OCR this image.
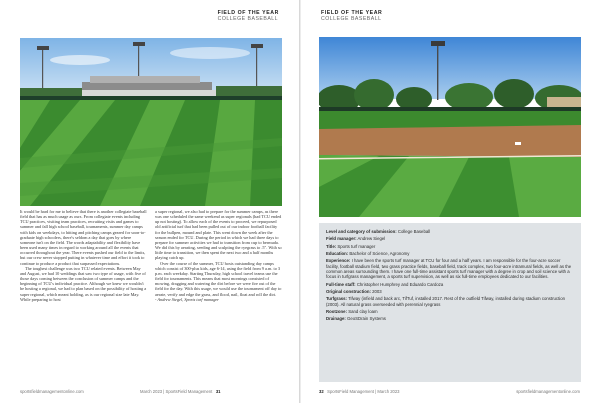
FIELD OF THE YEAR
COLLEGE BASEBALL

It would be hard for me to believe that there is another collegiate baseball field that has as much usage as ours. From collegiate events including TCU practices, visiting team practices, recruiting visits and games to summer and fall high school baseball, tournaments, summer day camps with kids on weekdays, to hitting and pitching camps geared for soon-to-graduate high schoolers, there's seldom a day that goes by where someone isn't on the field. The words adaptability and flexibility have been used many times in regard to working around all the events that occurred throughout the year. There events pushed our field to the limits, but our crew never stopped putting in whatever time and effort it took to continue to produce a product that surpassed expectations.

The toughest challenge was two TCU related events. Between May and August, we had 10 weddings that saw two type of usage, with five of those days coming between the conclusion of summer camps and the beginning of TCU's individual practice. Although we knew we wouldn't be hosting a regional, we had to plan based on the possibility of hosting a super regional, which meant holding, as is our regional size late May. While preparing to host

a super regional, we also had to prepare for the summer camps, as there was one scheduled the same weekend as super regionals (had TCU ended up not hosting). To allow each of the events to proceed, we repurposed old artificial turf that had been pulled out of our indoor football facility for the bullpen, mound and plate. This went down the week after the season ended for TCU. During the period in which we had three days to prepare for summer activities we had to transition from cup to bermuda. We did this by aerating, seeding and sculpting the ryegrass to .5". With so little time to transition, we then spent the next two and a half months playing catch up.

Over the course of the summer, TCU hosts outstanding day camps which consist of 300-plus kids, age 6-14, using the field from 9 a.m. to 3 p.m. each weekday. Starting Thursday, high school travel teams use the field for tournaments. This means that most mornings consisted of mowing, dragging and watering the dirt before we were fire out of the field for the day. With this usage, we would use the tournament off day to aerate, verify and edge the grass, and flood, nail, float and roll the dirt.

- Andrew Siegel, Sports turf manager

sportsfieldmanagementonline.com	March 2023 | SportsField Management 31
FIELD OF THE YEAR
COLLEGE BASEBALL
Level and category of submission: College Baseball
Field manager: Andrew Siegel
Title: Sports turf manager
Education: Bachelor of Science, Agronomy
Experience: I have been the sports turf manager at TCU for four and a half years. I am responsible for the four-acre soccer facility, football stadium field, two grass practice fields, baseball field, track complex, two four-acre intramural fields, as well as the common areas surrounding them. I have one full-time assistant sports turf manager with a degree in crop and soil science with a focus in turfgrass management, a sports turf supervision, as well as six full-time employees dedicated to our facilities.
Full-time staff: Christopher Humphrey and Eduardo Cardoza
Original construction: 2003
Turfgrass: Tifway (infield and back arc, TifTuf, installed 2017. Rest of the outfield Tifway, installed during stadium construction (2003). All natural grass overseeded with perennial ryegrass
Rootzone: Sand clay loam
Drainage: GeoSDrain Systems
32 SportsField Management | March 2023	sportsfieldmanagementonline.com
